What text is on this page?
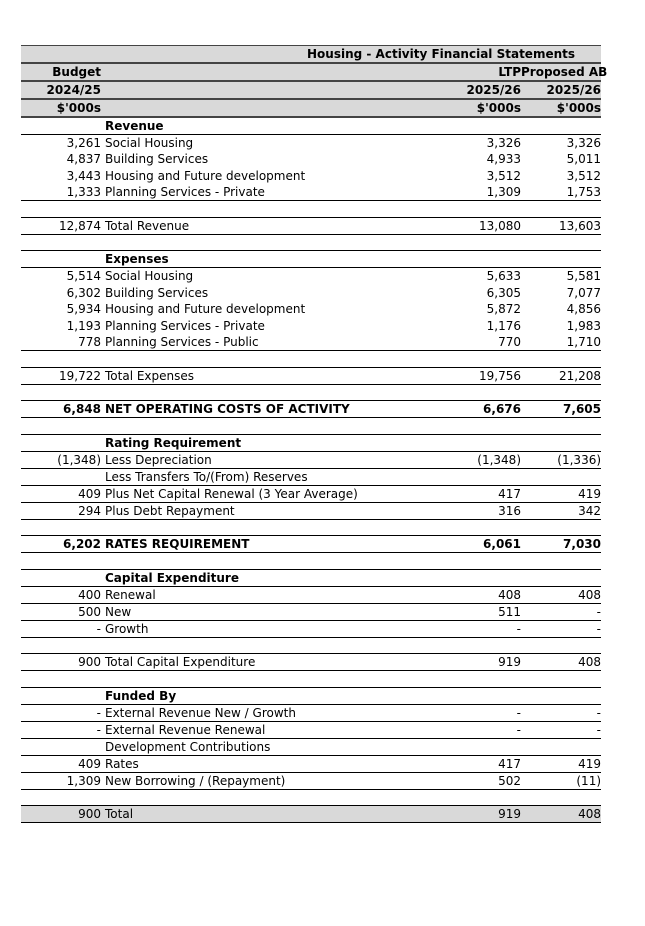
Housing - Activity Financial Statements			
Budget		LTP	Proposed AB
2024/25		2025/26	2025/26
$'000s		$'000s	$'000s
	Revenue		
3,261	Social Housing	3,326	3,326
4,837	Building Services	4,933	5,011
3,443	Housing and Future development	3,512	3,512
1,333	Planning Services - Private	1,309	1,753

12,874	Total Revenue	13,080	13,603

	Expenses		
5,514	Social Housing	5,633	5,581
6,302	Building Services	6,305	7,077
5,934	Housing and Future development	5,872	4,856
1,193	Planning Services - Private	1,176	1,983
778	Planning Services - Public	770	1,710

19,722	Total Expenses	19,756	21,208

6,848	NET OPERATING COSTS OF ACTIVITY	6,676	7,605

	Rating Requirement		
(1,348)	Less Depreciation	(1,348)	(1,336)
	Less Transfers To/(From) Reserves		
409	Plus Net Capital Renewal (3 Year Average)	417	419
294	Plus Debt Repayment	316	342

6,202	RATES REQUIREMENT	6,061	7,030

	Capital Expenditure		
400	Renewal	408	408
500	New	511	-
-	Growth	-	-

900	Total Capital Expenditure	919	408

	Funded By		
-	External Revenue New / Growth	-	-
-	External Revenue Renewal	-	-
	Development Contributions		
409	Rates	417	419
1,309	New Borrowing / (Repayment)	502	(11)

900	Total	919	408
